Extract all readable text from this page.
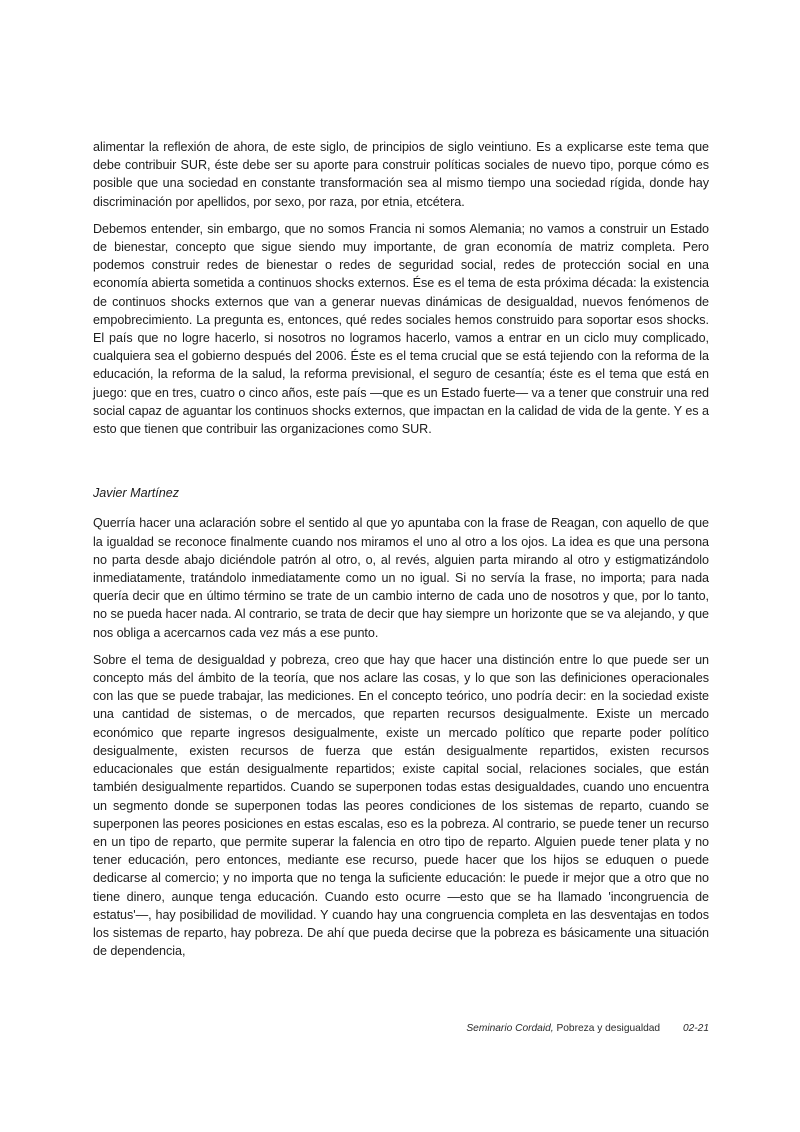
alimentar la reflexión de ahora, de este siglo, de principios de siglo veintiuno. Es a explicarse este tema que debe contribuir SUR, éste debe ser su aporte para construir políticas sociales de nuevo tipo, porque cómo es posible que una sociedad en constante transformación sea al mismo tiempo una sociedad rígida, donde hay discriminación por apellidos, por sexo, por raza, por etnia, etcétera.

Debemos entender, sin embargo, que no somos Francia ni somos Alemania; no vamos a construir un Estado de bienestar, concepto que sigue siendo muy importante, de gran economía de matriz completa. Pero podemos construir redes de bienestar o redes de seguridad social, redes de protección social en una economía abierta sometida a continuos shocks externos. Ése es el tema de esta próxima década: la existencia de continuos shocks externos que van a generar nuevas dinámicas de desigualdad, nuevos fenómenos de empobrecimiento. La pregunta es, entonces, qué redes sociales hemos construido para soportar esos shocks. El país que no logre hacerlo, si nosotros no logramos hacerlo, vamos a entrar en un ciclo muy complicado, cualquiera sea el gobierno después del 2006. Éste es el tema crucial que se está tejiendo con la reforma de la educación, la reforma de la salud, la reforma previsional, el seguro de cesantía; éste es el tema que está en juego: que en tres, cuatro o cinco años, este país —que es un Estado fuerte— va a tener que construir una red social capaz de aguantar los continuos shocks externos, que impactan en la calidad de vida de la gente. Y es a esto que tienen que contribuir las organizaciones como SUR.

Javier Martínez

Querría hacer una aclaración sobre el sentido al que yo apuntaba con la frase de Reagan, con aquello de que la igualdad se reconoce finalmente cuando nos miramos el uno al otro a los ojos. La idea es que una persona no parta desde abajo diciéndole patrón al otro, o, al revés, alguien parta mirando al otro y estigmatizándolo inmediatamente, tratándolo inmediatamente como un no igual. Si no servía la frase, no importa; para nada quería decir que en último término se trate de un cambio interno de cada uno de nosotros y que, por lo tanto, no se pueda hacer nada. Al contrario, se trata de decir que hay siempre un horizonte que se va alejando, y que nos obliga a acercarnos cada vez más a ese punto.

Sobre el tema de desigualdad y pobreza, creo que hay que hacer una distinción entre lo que puede ser un concepto más del ámbito de la teoría, que nos aclare las cosas, y lo que son las definiciones operacionales con las que se puede trabajar, las mediciones. En el concepto teórico, uno podría decir: en la sociedad existe una cantidad de sistemas, o de mercados, que reparten recursos desigualmente. Existe un mercado económico que reparte ingresos desigualmente, existe un mercado político que reparte poder político desigualmente, existen recursos de fuerza que están desigualmente repartidos, existen recursos educacionales que están desigualmente repartidos; existe capital social, relaciones sociales, que están también desigualmente repartidos. Cuando se superponen todas estas desigualdades, cuando uno encuentra un segmento donde se superponen todas las peores condiciones de los sistemas de reparto, cuando se superponen las peores posiciones en estas escalas, eso es la pobreza. Al contrario, se puede tener un recurso en un tipo de reparto, que permite superar la falencia en otro tipo de reparto. Alguien puede tener plata y no tener educación, pero entonces, mediante ese recurso, puede hacer que los hijos se eduquen o puede dedicarse al comercio; y no importa que no tenga la suficiente educación: le puede ir mejor que a otro que no tiene dinero, aunque tenga educación. Cuando esto ocurre —esto que se ha llamado 'incongruencia de estatus'—, hay posibilidad de movilidad. Y cuando hay una congruencia completa en las desventajas en todos los sistemas de reparto, hay pobreza. De ahí que pueda decirse que la pobreza es básicamente una situación de dependencia,

Seminario Cordaid, Pobreza y desigualdad 02-21
